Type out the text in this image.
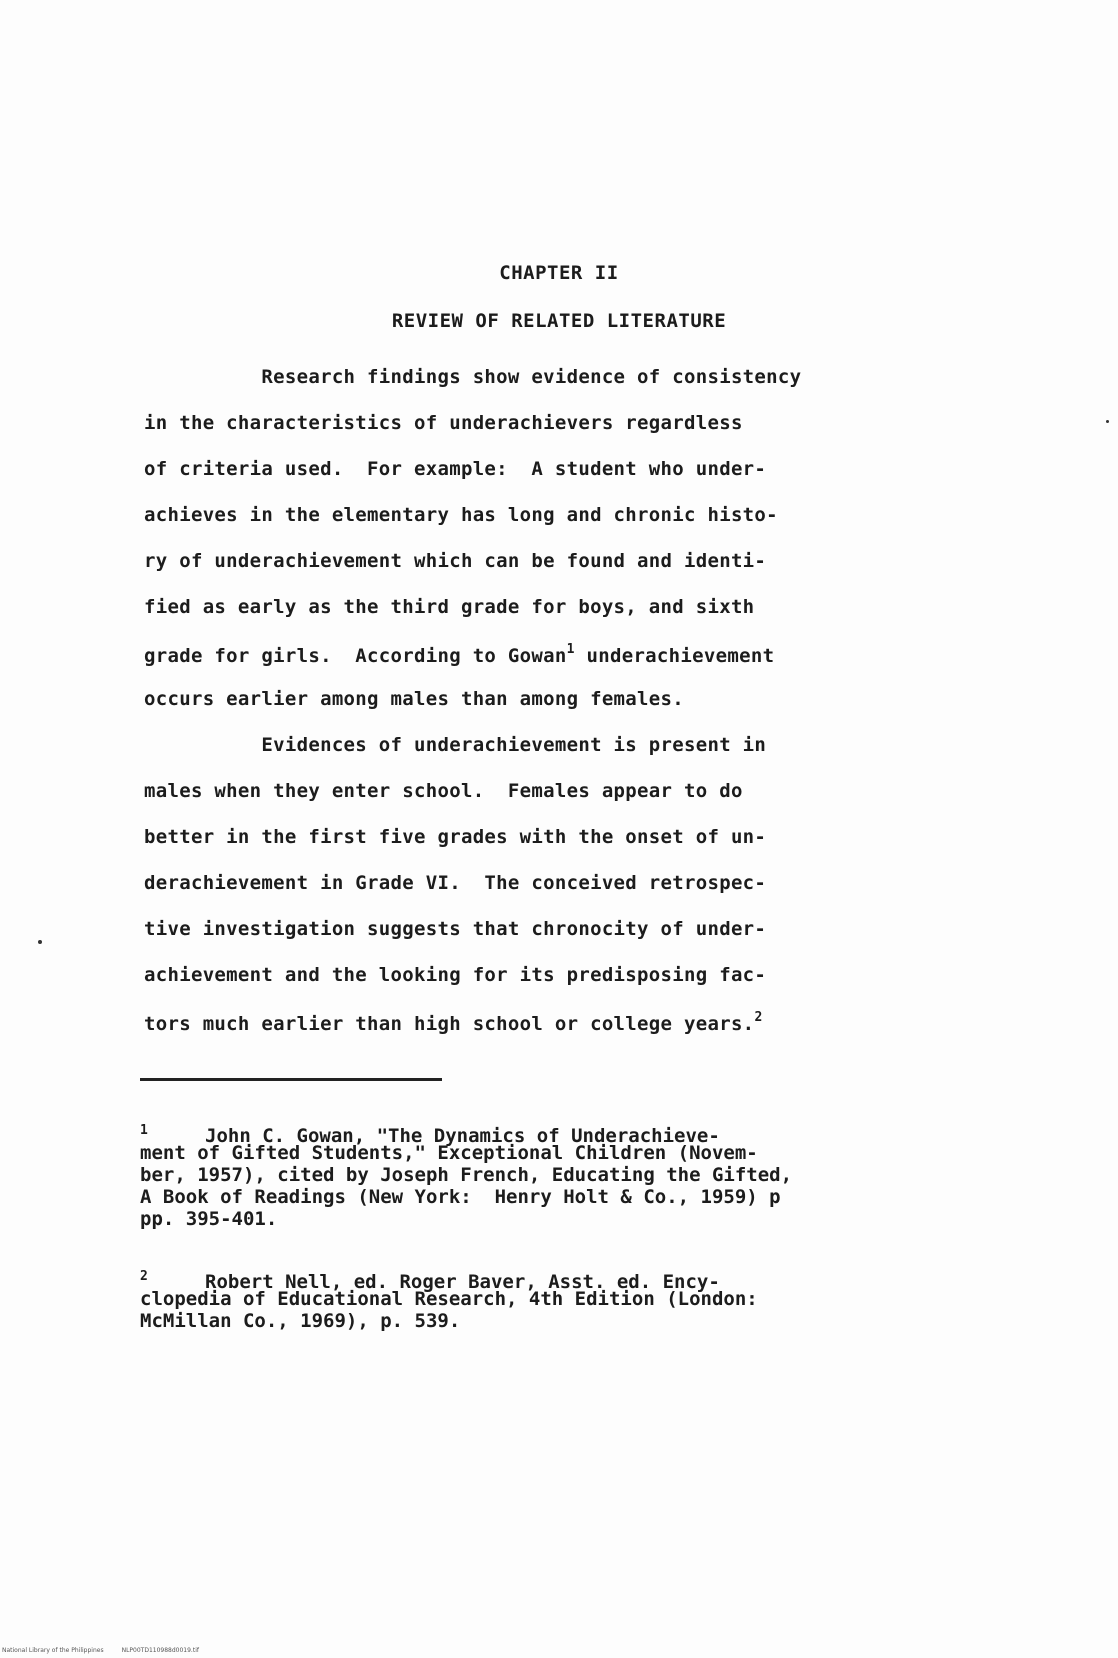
CHAPTER II
REVIEW OF RELATED LITERATURE
Research findings show evidence of consistency
in the characteristics of underachievers regardless
of criteria used.  For example:  A student who under-
achieves in the elementary has long and chronic histo-
ry of underachievement which can be found and identi-
fied as early as the third grade for boys, and sixth
grade for girls.  According to Gowan$^1$ underachievement
occurs earlier among males than among females.
Evidences of underachievement is present in
males when they enter school.  Females appear to do
better in the first five grades with the onset of un-
derachievement in Grade VI.  The conceived retrospec-
tive investigation suggests that chronocity of under-
achievement and the looking for its predisposing fac-
tors much earlier than high school or college years.$^2$
$^1$     John C. Gowan, "The Dynamics of Underachieve-
ment of Gifted Students," Exceptional Children (Novem-
ber, 1957), cited by Joseph French, Educating the Gifted,
A Book of Readings (New York:  Henry Holt & Co., 1959) p
pp. 395-401.
$^2$     Robert Nell, ed. Roger Baver, Asst. ed. Ency-
clopedia of Educational Research, 4th Edition (London:
McMillan Co., 1969), p. 539.
National Library of the Philippines	NLP00TD110988d0019.tif
